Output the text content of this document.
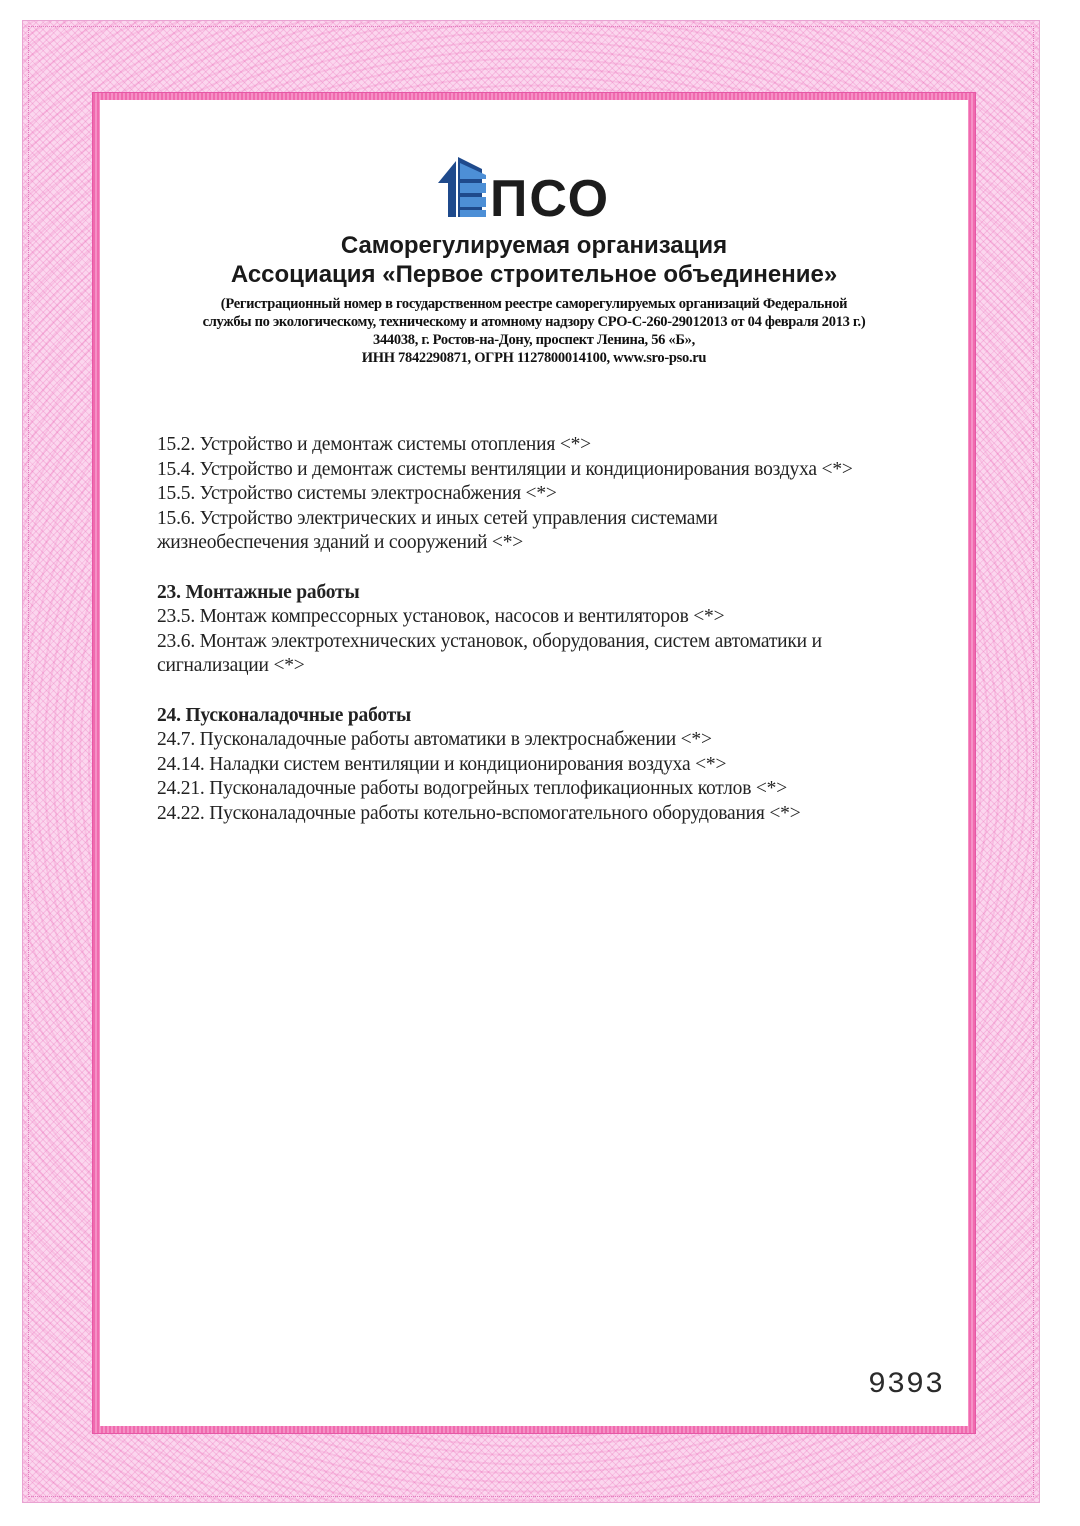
ПСО
Саморегулируемая организация
Ассоциация «Первое строительное объединение»
(Регистрационный номер в государственном реестре саморегулируемых организаций Федеральной
службы по экологическому, техническому и атомному надзору СРО-С-260-29012013 от 04 февраля 2013 г.)
344038, г. Ростов-на-Дону, проспект Ленина, 56 «Б»,
ИНН 7842290871, ОГРН 1127800014100, www.sro-pso.ru
15.2. Устройство и демонтаж системы отопления <*>
15.4. Устройство и демонтаж системы вентиляции и кондиционирования воздуха <*>
15.5. Устройство системы электроснабжения <*>
15.6. Устройство электрических и иных сетей управления системами
жизнеобеспечения зданий и сооружений <*>
23. Монтажные работы
23.5. Монтаж компрессорных установок, насосов и вентиляторов <*>
23.6. Монтаж электротехнических установок, оборудования, систем автоматики и
сигнализации <*>
24. Пусконаладочные работы
24.7. Пусконаладочные работы автоматики в электроснабжении <*>
24.14. Наладки систем вентиляции и кондиционирования воздуха <*>
24.21. Пусконаладочные работы водогрейных теплофикационных котлов <*>
24.22. Пусконаладочные работы котельно-вспомогательного оборудования <*>
9393
